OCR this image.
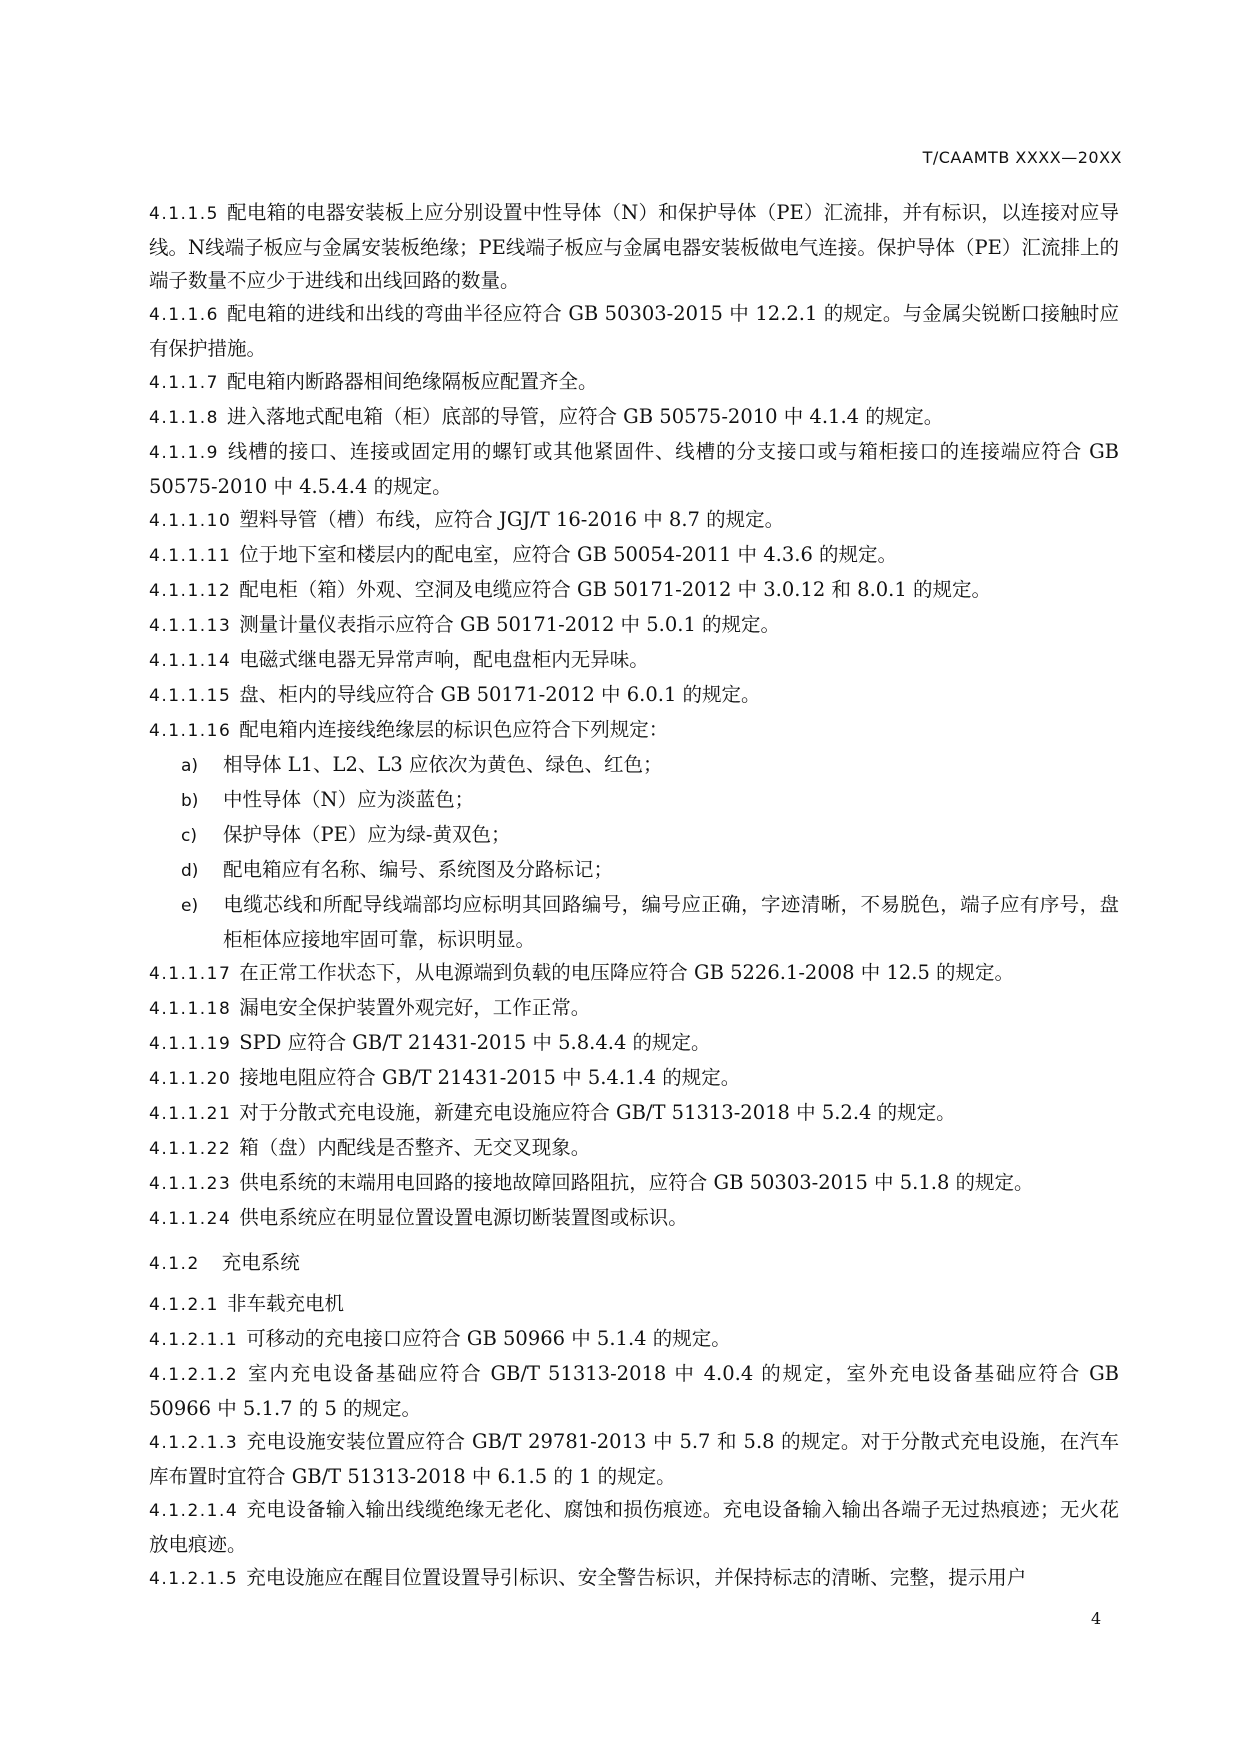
T/CAAMTB XXXX—20XX

4.1.1.5 配电箱的电器安装板上应分别设置中性导体（N）和保护导体（PE）汇流排，并有标识，以连接对应导线。N线端子板应与金属安装板绝缘；PE线端子板应与金属电器安装板做电气连接。保护导体（PE）汇流排上的端子数量不应少于进线和出线回路的数量。

4.1.1.6 配电箱的进线和出线的弯曲半径应符合 GB 50303-2015 中 12.2.1 的规定。与金属尖锐断口接触时应有保护措施。

4.1.1.7 配电箱内断路器相间绝缘隔板应配置齐全。

4.1.1.8 进入落地式配电箱（柜）底部的导管，应符合 GB 50575-2010 中 4.1.4 的规定。

4.1.1.9 线槽的接口、连接或固定用的螺钉或其他紧固件、线槽的分支接口或与箱柜接口的连接端应符合 GB 50575-2010 中 4.5.4.4 的规定。

4.1.1.10 塑料导管（槽）布线，应符合 JGJ/T 16-2016 中 8.7 的规定。

4.1.1.11 位于地下室和楼层内的配电室，应符合 GB 50054-2011 中 4.3.6 的规定。

4.1.1.12 配电柜（箱）外观、空洞及电缆应符合 GB 50171-2012 中 3.0.12 和 8.0.1 的规定。

4.1.1.13 测量计量仪表指示应符合 GB 50171-2012 中 5.0.1 的规定。

4.1.1.14 电磁式继电器无异常声响，配电盘柜内无异味。

4.1.1.15 盘、柜内的导线应符合 GB 50171-2012 中 6.0.1 的规定。

4.1.1.16 配电箱内连接线绝缘层的标识色应符合下列规定：

a) 相导体 L1、L2、L3 应依次为黄色、绿色、红色；

b) 中性导体（N）应为淡蓝色；

c) 保护导体（PE）应为绿-黄双色；

d) 配电箱应有名称、编号、系统图及分路标记；

e) 电缆芯线和所配导线端部均应标明其回路编号，编号应正确，字迹清晰，不易脱色，端子应有序号，盘柜柜体应接地牢固可靠，标识明显。

4.1.1.17 在正常工作状态下，从电源端到负载的电压降应符合 GB 5226.1-2008 中 12.5 的规定。

4.1.1.18 漏电安全保护装置外观完好，工作正常。

4.1.1.19 SPD 应符合 GB/T 21431-2015 中 5.8.4.4 的规定。

4.1.1.20 接地电阻应符合 GB/T 21431-2015 中 5.4.1.4 的规定。

4.1.1.21 对于分散式充电设施，新建充电设施应符合 GB/T 51313-2018 中 5.2.4 的规定。

4.1.1.22 箱（盘）内配线是否整齐、无交叉现象。

4.1.1.23 供电系统的末端用电回路的接地故障回路阻抗，应符合 GB 50303-2015 中 5.1.8 的规定。

4.1.1.24 供电系统应在明显位置设置电源切断装置图或标识。

4.1.2 充电系统

4.1.2.1 非车载充电机

4.1.2.1.1 可移动的充电接口应符合 GB 50966 中 5.1.4 的规定。

4.1.2.1.2 室内充电设备基础应符合 GB/T 51313-2018 中 4.0.4 的规定，室外充电设备基础应符合 GB 50966 中 5.1.7 的 5 的规定。

4.1.2.1.3 充电设施安装位置应符合 GB/T 29781-2013 中 5.7 和 5.8 的规定。对于分散式充电设施，在汽车库布置时宜符合 GB/T 51313-2018 中 6.1.5 的 1 的规定。

4.1.2.1.4 充电设备输入输出线缆绝缘无老化、腐蚀和损伤痕迹。充电设备输入输出各端子无过热痕迹；无火花放电痕迹。

4.1.2.1.5 充电设施应在醒目位置设置导引标识、安全警告标识，并保持标志的清晰、完整，提示用户

4
